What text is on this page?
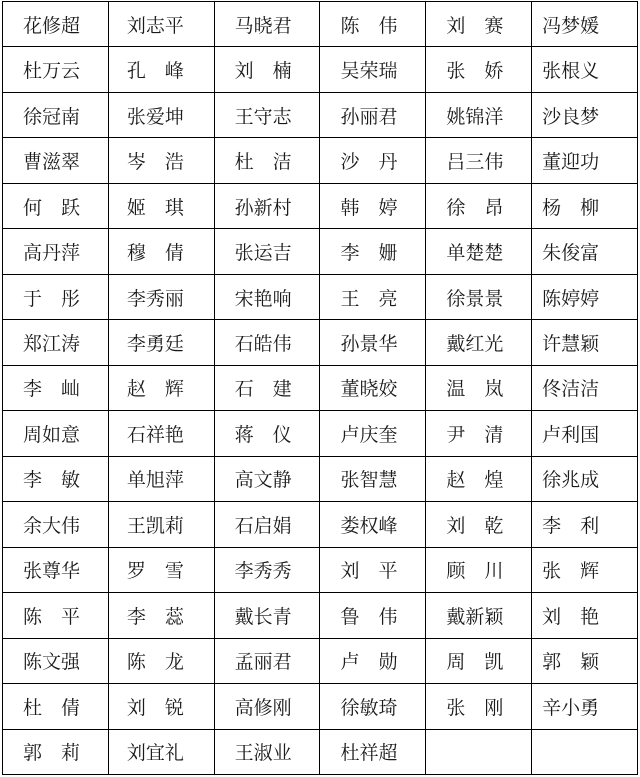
花修超	刘志平	马晓君	陈　伟	刘　赛	冯梦媛
杜万云	孔　峰	刘　楠	吴荣瑞	张　娇	张根义
徐冠南	张爱坤	王守志	孙丽君	姚锦洋	沙良梦
曹滋翠	岑　浩	杜　洁	沙　丹	吕三伟	董迎功
何　跃	姬　琪	孙新村	韩　婷	徐　昂	杨　柳
高丹萍	穆　倩	张运吉	李　姗	单楚楚	朱俊富
于　彤	李秀丽	宋艳响	王　亮	徐景景	陈婷婷
郑江涛	李勇廷	石皓伟	孙景华	戴红光	许慧颖
李　屾	赵　辉	石　建	董晓姣	温　岚	佟洁洁
周如意	石祥艳	蒋　仪	卢庆奎	尹　清	卢利国
李　敏	单旭萍	高文静	张智慧	赵　煌	徐兆成
余大伟	王凯莉	石启娟	娄权峰	刘　乾	李　利
张尊华	罗　雪	李秀秀	刘　平	顾　川	张　辉
陈　平	李　蕊	戴长青	鲁　伟	戴新颖	刘　艳
陈文强	陈　龙	孟丽君	卢　勋	周　凯	郭　颖
杜　倩	刘　锐	高修刚	徐敏琦	张　刚	辛小勇
郭　莉	刘宜礼	王淑业	杜祥超		
